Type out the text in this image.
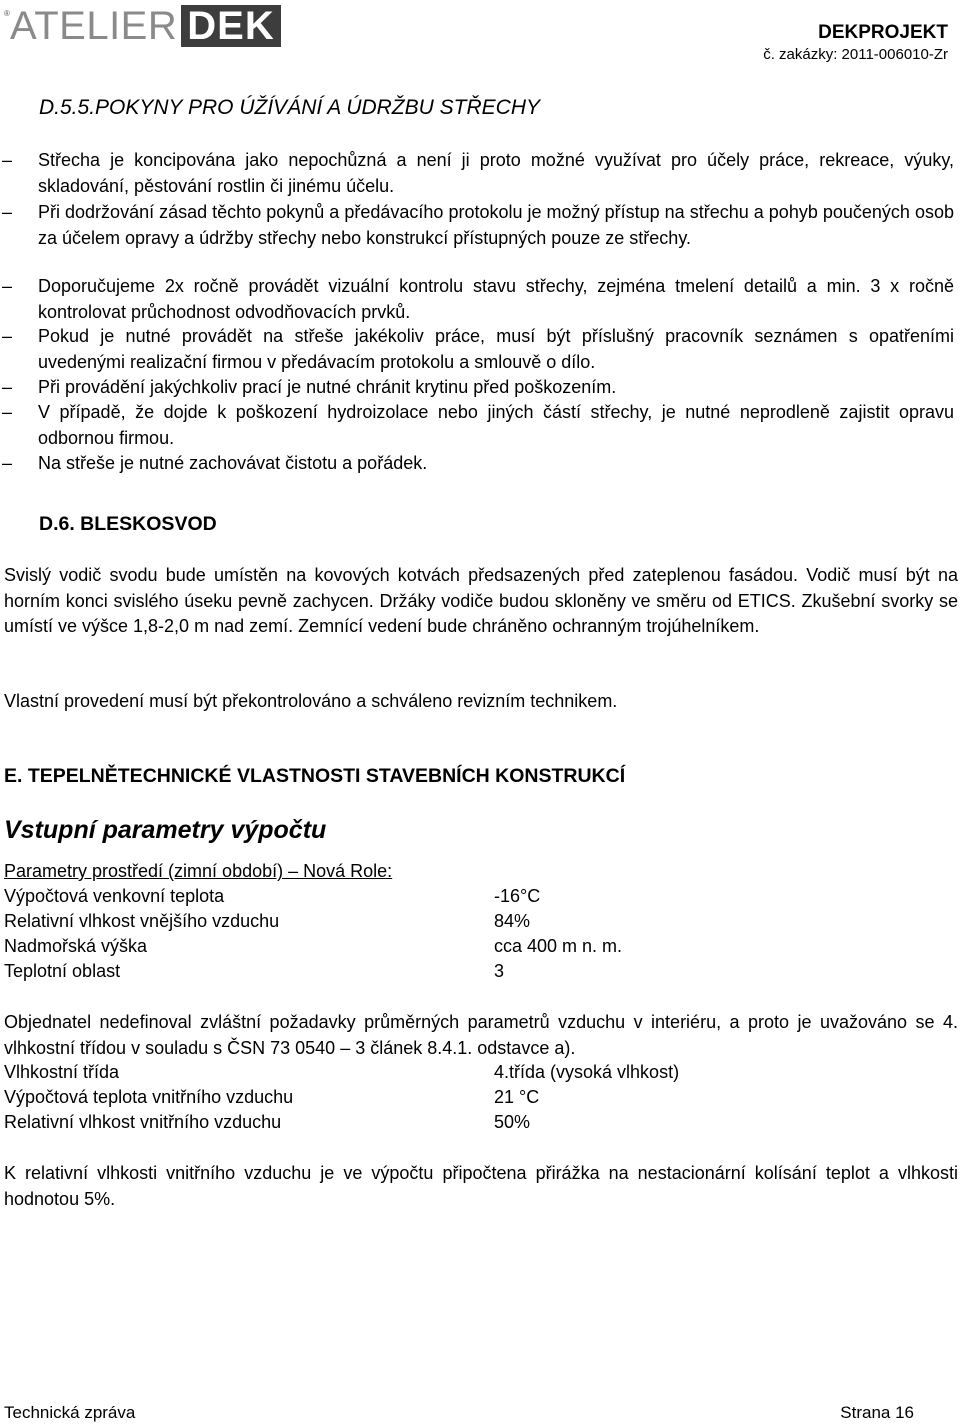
® ATELIER DEK	DEKPROJEKT
č. zakázky: 2011-006010-Zr
D.5.5.POKYNY PRO ÚŽÍVÁNÍ A ÚDRŽBU STŘECHY
–	Střecha je koncipována jako nepochůzná a není ji proto možné využívat pro účely práce, rekreace, výuky, skladování, pěstování rostlin či jinému účelu.
–	Při dodržování zásad těchto pokynů a předávacího protokolu je možný přístup na střechu a pohyb poučených osob za účelem opravy a údržby střechy nebo konstrukcí přístupných pouze ze střechy.
–	Doporučujeme 2x ročně provádět vizuální kontrolu stavu střechy, zejména tmelení detailů a min. 3 x ročně kontrolovat průchodnost odvodňovacích prvků.
–	Pokud je nutné provádět na střeše jakékoliv práce, musí být příslušný pracovník seznámen s opatřeními uvedenými realizační firmou v předávacím protokolu a smlouvě o dílo.
–	Při provádění jakýchkoliv prací je nutné chránit krytinu před poškozením.
–	V případě, že dojde k poškození hydroizolace nebo jiných částí střechy, je nutné neprodleně zajistit opravu odbornou firmou.
–	Na střeše je nutné zachovávat čistotu a pořádek.
D.6. BLESKOSVOD
Svislý vodič svodu bude umístěn na kovových kotvách předsazených před zateplenou fasádou. Vodič musí být na horním konci svislého úseku pevně zachycen. Držáky vodiče budou skloněny ve směru od ETICS. Zkušební svorky se umístí ve výšce 1,8-2,0 m nad zemí. Zemnící vedení bude chráněno ochranným trojúhelníkem.
Vlastní provedení musí být překontrolováno a schváleno revizním technikem.
E. TEPELNĚTECHNICKÉ VLASTNOSTI STAVEBNÍCH KONSTRUKCÍ
Vstupní parametry výpočtu
Parametry prostředí (zimní období) – Nová Role:
Výpočtová venkovní teplota	-16°C
Relativní vlhkost vnějšího vzduchu	84%
Nadmořská výška	cca 400 m n. m.
Teplotní oblast	3
Objednatel nedefinoval zvláštní požadavky průměrných parametrů vzduchu v interiéru, a proto je uvažováno se 4. vlhkostní třídou v souladu s ČSN 73 0540 – 3 článek 8.4.1. odstavce a).
Vlhkostní třída	4.třída (vysoká vlhkost)
Výpočtová teplota vnitřního vzduchu	21 °C
Relativní vlhkost vnitřního vzduchu	50%
K relativní vlhkosti vnitřního vzduchu je ve výpočtu připočtena přirážka na nestacionární kolísání teplot a vlhkosti hodnotou 5%.
Technická zpráva	Strana 16
